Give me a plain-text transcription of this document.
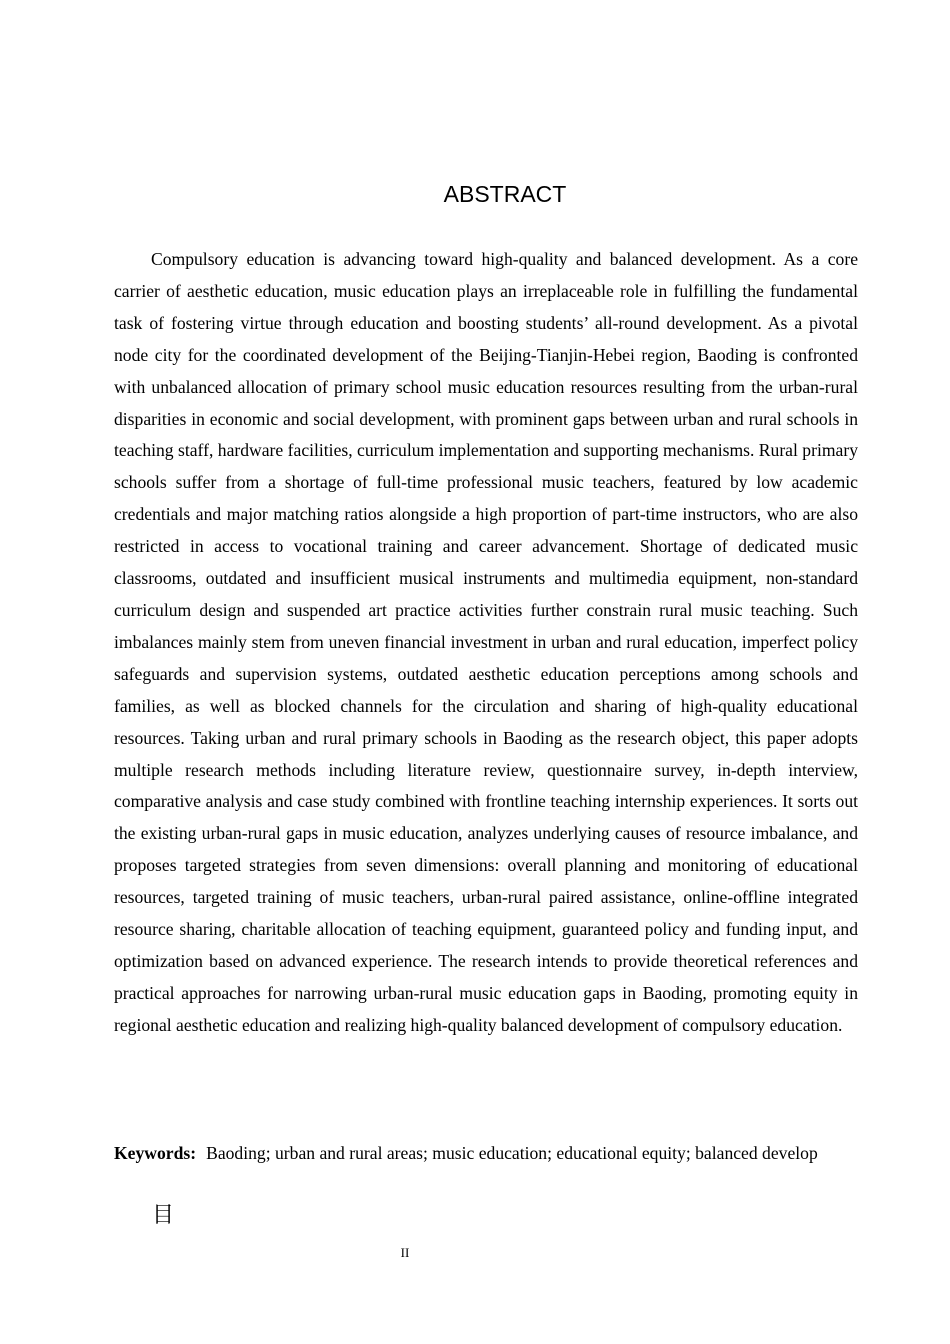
ABSTRACT

Compulsory education is advancing toward high-quality and balanced development. As a core carrier of aesthetic education, music education plays an irreplaceable role in fulfilling the fundamental task of fostering virtue through education and boosting students’ all-round development. As a pivotal node city for the coordinated development of the Beijing-Tianjin-Hebei region, Baoding is confronted with unbalanced allocation of primary school music education resources resulting from the urban-rural disparities in economic and social development, with prominent gaps between urban and rural schools in teaching staff, hardware facilities, curriculum implementation and supporting mechanisms. Rural primary schools suffer from a shortage of full-time professional music teachers, featured by low academic credentials and major matching ratios alongside a high proportion of part-time instructors, who are also restricted in access to vocational training and career advancement. Shortage of dedicated music classrooms, outdated and insufficient musical instruments and multimedia equipment, non-standard curriculum design and suspended art practice activities further constrain rural music teaching. Such imbalances mainly stem from uneven financial investment in urban and rural education, imperfect policy safeguards and supervision systems, outdated aesthetic education perceptions among schools and families, as well as blocked channels for the circulation and sharing of high-quality educational resources. Taking urban and rural primary schools in Baoding as the research object, this paper adopts multiple research methods including literature review, questionnaire survey, in-depth interview, comparative analysis and case study combined with frontline teaching internship experiences. It sorts out the existing urban-rural gaps in music education, analyzes underlying causes of resource imbalance, and proposes targeted strategies from seven dimensions: overall planning and monitoring of educational resources, targeted training of music teachers, urban-rural paired assistance, online-offline integrated resource sharing, charitable allocation of teaching equipment, guaranteed policy and funding input, and optimization based on advanced experience. The research intends to provide theoretical references and practical approaches for narrowing urban-rural music education gaps in Baoding, promoting equity in regional aesthetic education and realizing high-quality balanced development of compulsory education.

Keywords: Baoding; urban and rural areas; music education; educational equity; balanced develop

目
II
